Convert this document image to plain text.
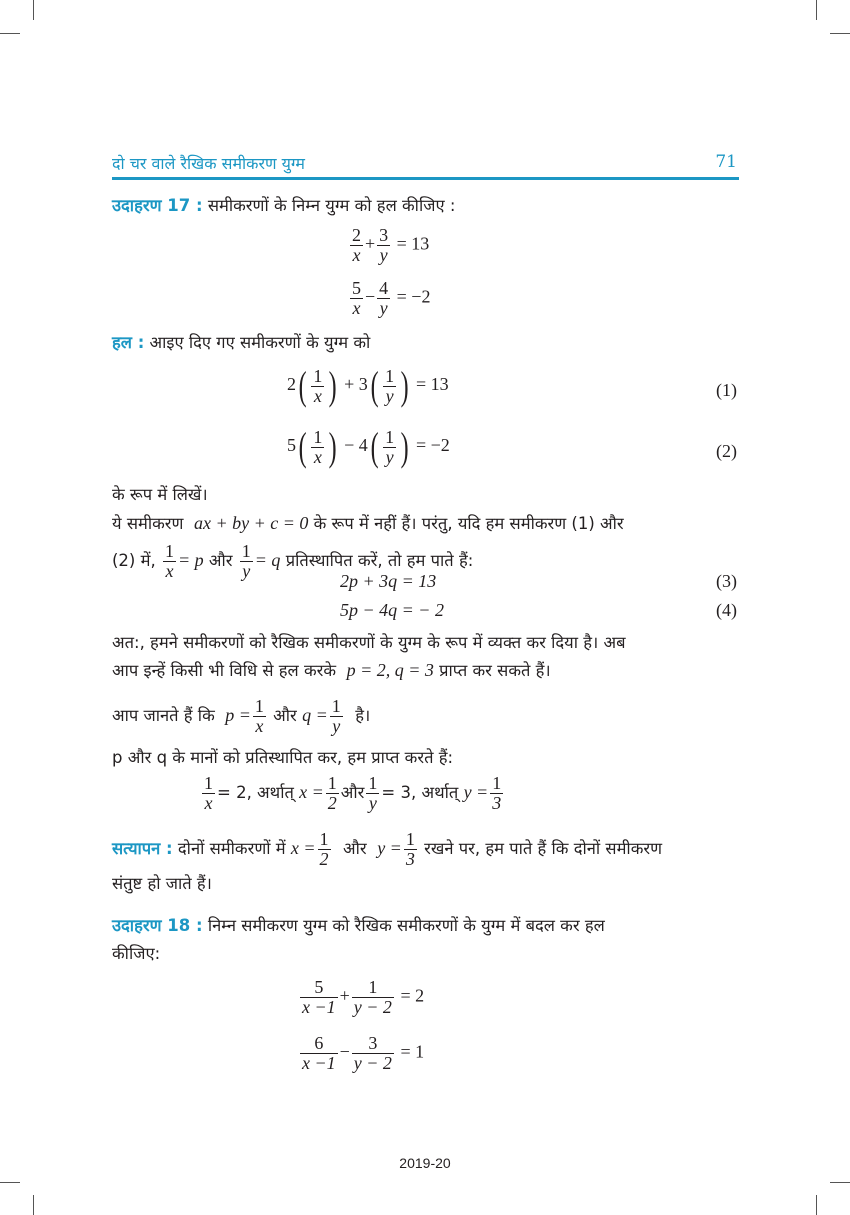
दो चर वाले रैखिक समीकरण युग्म	71
उदाहरण 17 : समीकरणों के निम्न युग्म को हल कीजिए :
$\frac{2}{x} + \frac{3}{y} = 13$
$\frac{5}{x} - \frac{4}{y} = -2$
हल : आइए दिए गए समीकरणों के युग्म को
$2( \frac{1}{x}$ ) + $3( \frac{1}{y}$ ) = 13	(1)
$5( \frac{1}{x}$ ) − $4( \frac{1}{y}$ ) = −2	(2)
के रूप में लिखें।
ये समीकरण ax + by + c = 0 के रूप में नहीं हैं। परंतु, यदि हम समीकरण (1) और
(2) में, $\frac{1}{x} = p$ और $\frac{1}{y} = q$ प्रतिस्थापित करें, तो हम पाते हैं:
2p + 3q = 13	(3)
5p − 4q = − 2	(4)
अत:, हमने समीकरणों को रैखिक समीकरणों के युग्म के रूप में व्यक्त कर दिया है। अब
आप इन्हें किसी भी विधि से हल करके p = 2, q = 3 प्राप्त कर सकते हैं।
आप जानते हैं कि $p = \frac{1}{x}$ और $q = \frac{1}{y}$ है।
p और q के मानों को प्रतिस्थापित कर, हम प्राप्त करते हैं:
$\frac{1}{x} = 2$, अर्थात् $x = \frac{1}{2}$ और $\frac{1}{y} = 3$, अर्थात् $y = \frac{1}{3}$
सत्यापन : दोनों समीकरणों में $x = \frac{1}{2}$ और $y = \frac{1}{3}$ रखने पर, हम पाते हैं कि दोनों समीकरण
संतुष्ट हो जाते हैं।
उदाहरण 18 : निम्न समीकरण युग्म को रैखिक समीकरणों के युग्म में बदल कर हल
कीजिए:
$\frac{5}{x -1} + \frac{1}{y - 2} = 2$
$\frac{6}{x -1} - \frac{3}{y - 2} = 1$
2019-20
